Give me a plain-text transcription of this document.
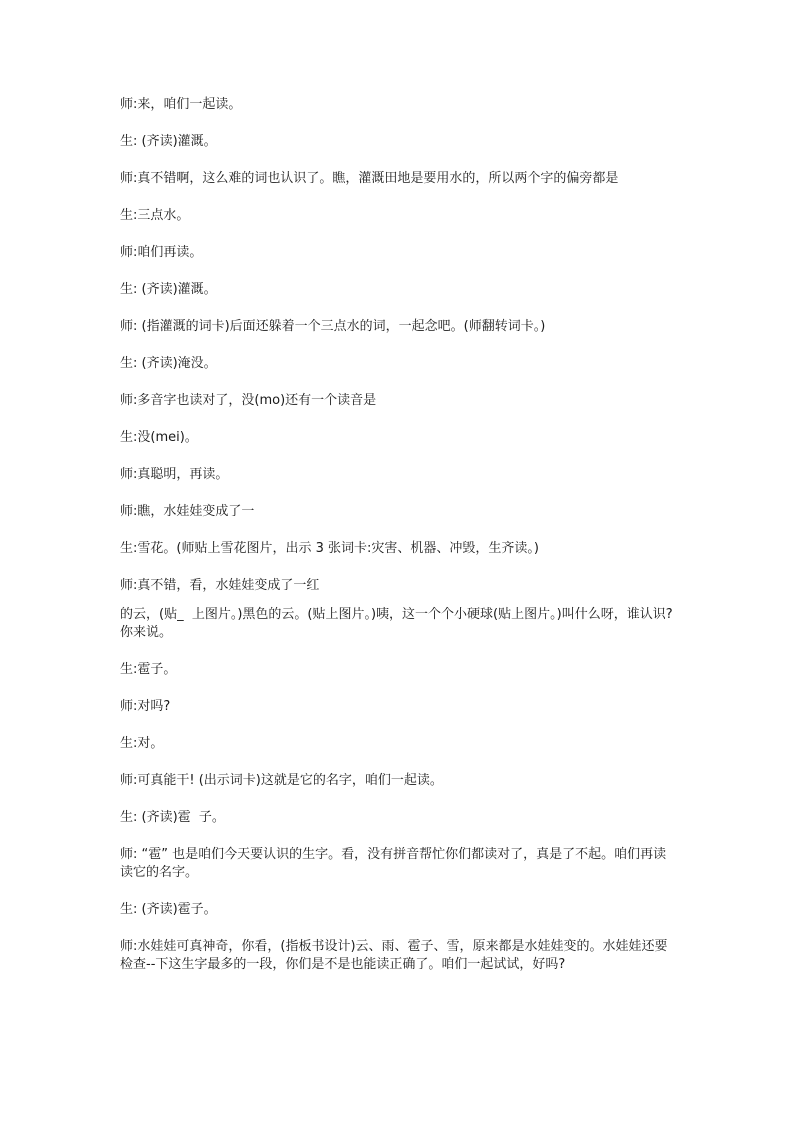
师:来，咱们一起读。

生: (齐读)灌溉。

师:真不错啊，这么难的词也认识了。瞧，灌溉田地是要用水的，所以两个字的偏旁都是

生:三点水。

师:咱们再读。

生: (齐读)灌溉。

师: (指灌溉的词卡)后面还躲着一个三点水的词，一起念吧。(师翻转词卡。)

生: (齐读)淹没。

师:多音字也读对了，没(mo)还有一个读音是

生:没(mei)。

师:真聪明，再读。

师:瞧，水娃娃变成了一

生:雪花。(师贴上雪花图片，出示 3 张词卡:灾害、机器、冲毁，生齐读。)

师:真不错，看，水娃娃变成了一红

的云，(贴_  上图片。)黑色的云。(贴上图片。)咦，这一个个小硬球(贴上图片。)叫什么呀，谁认识?你来说。

生:雹子。

师:对吗?

生:对。

师:可真能干! (出示词卡)这就是它的名字，咱们一起读。

生: (齐读)雹  子。

师: “雹” 也是咱们今天要认识的生字。看，没有拼音帮忙你们都读对了，真是了不起。咱们再读读它的名字。

生: (齐读)雹子。

师:水娃娃可真神奇，你看，(指板书设计)云、雨、雹子、雪，原来都是水娃娃变的。水娃娃还要检查--下这生字最多的一段，你们是不是也能读正确了。咱们一起试试，好吗?
